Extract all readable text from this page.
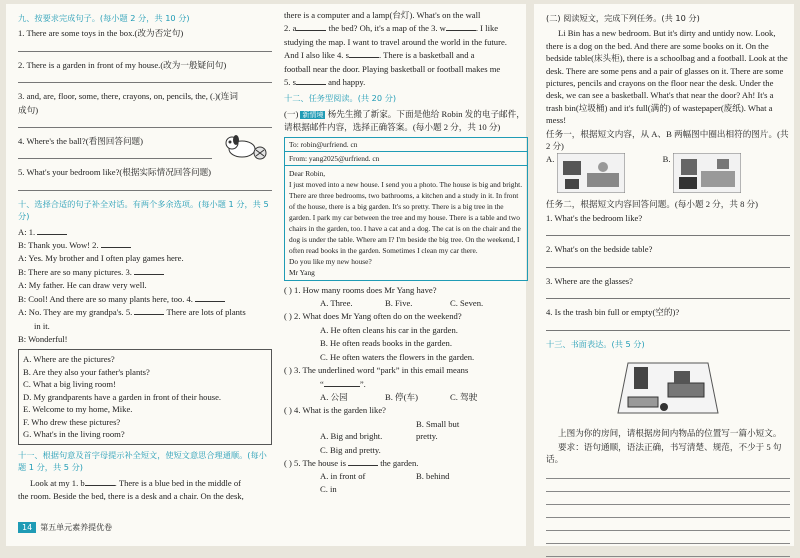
九、按要求完成句子。(每小题 2 分，共 10 分)
1. There are some toys in the box.(改为否定句)
2. There is a garden in front of my house.(改为一般疑问句)
3. and, are, floor, some, there, crayons, on, pencils, the, (.)(连词
成句)
4. Where's the ball?(看图回答问题)
5. What's your bedroom like?(根据实际情况回答问题)
十、选择合适的句子补全对话。有两个多余选项。(每小题 1 分，共 5 分)
A: 1.
B: Thank you. Wow! 2.
A: Yes. My brother and I often play games here.
B: There are so many pictures. 3.
A: My father. He can draw very well.
B: Cool! And there are so many plants here, too. 4.
A: No. They are my grandpa's. 5.	There are lots of plants
in it.
B: Wonderful!
A. Where are the pictures?
B. Are they also your father's plants?
C. What a big living room!
D. My grandparents have a garden in front of their house.
E. Welcome to my home, Mike.
F. Who drew these pictures?
G. What's in the living room?
十一、根据句意及首字母提示补全短文，使短文意思合理通顺。(每小题 1 分，共 5 分)
Look at my 1. b	. There is a blue bed in the middle of
the room. Beside the bed, there is a desk and a chair. On the desk,
14 第五单元素养提优卷
there is a computer and a lamp(台灯). What's on the wall
2. a	the bed? Oh, it's a map of the 3. w	. I like
studying the map. I want to travel around the world in the future.
And I also like 4. s	. There is a basketball and a
football near the door. Playing basketball or football makes me
5. s	and happy.
十二、任务型阅读。(共 20 分)
(一) 新情境 杨先生搬了新家。下面是他给 Robin 发的电子邮件，请根据邮件内容，选择正确答案。(每小题 2 分，共 10 分)
To: robin@urfriend. cn
From: yang2025@urfriend. cn
Dear Robin,
I just moved into a new house. I send you a photo. The house is big and bright. There are three bedrooms, two bathrooms, a kitchen and a study in it. In front of the house, there is a big garden. It's so pretty. There is a big tree in the garden. I park my car between the tree and my house. There is a table and two chairs in the garden, too. I have a cat and a dog. The cat is on the chair and the dog is under the table. Where am I? I'm beside the big tree. On the weekend, I often read books in the garden. Sometimes I clean my car there.
Do you like my new house?
Mr Yang
( ) 1. How many rooms does Mr Yang have?
A. Three.	B. Five.	C. Seven.
( ) 2. What does Mr Yang often do on the weekend?
A. He often cleans his car in the garden.
B. He often reads books in the garden.
C. He often waters the flowers in the garden.
( ) 3. The underlined word “park” in this email means
“	”.
A. 公园	B. 停(车)	C. 驾驶
( ) 4. What is the garden like?
A. Big and bright.B. Small but pretty.
C. Big and pretty.
( ) 5. The house is	the garden.
A. in front of	B. behindC. in
(二) 阅读短文，完成下列任务。(共 10 分)
Li Bin has a new bedroom. But it's dirty and untidy now. Look, there is a dog on the bed. And there are some books on it. On the bedside table(床头柜), there is a schoolbag and a football. Look at the desk. There are some pens and a pair of glasses on it. There are some pictures, pencils and crayons on the floor near the desk. Under the desk, we can see a basketball. What's that near the door? Ah! It's a trash bin(垃圾桶) and it's full(满的) of wastepaper(废纸). What a mess!
任务一，根据短文内容，从 A、B 两幅图中圈出相符的图片。(共 2 分)
A.	B.
任务二，根据短文内容回答问题。(每小题 2 分，共 8 分)
1. What's the bedroom like?
2. What's on the bedside table?
3. Where are the glasses?
4. Is the trash bin full or empty(空的)?
十三、书面表达。(共 5 分)
上图为你的房间，请根据房间内物品的位置写一篇小短文。
要求：语句通顺，语法正确，书写清楚、规范，不少于 5 句话。
